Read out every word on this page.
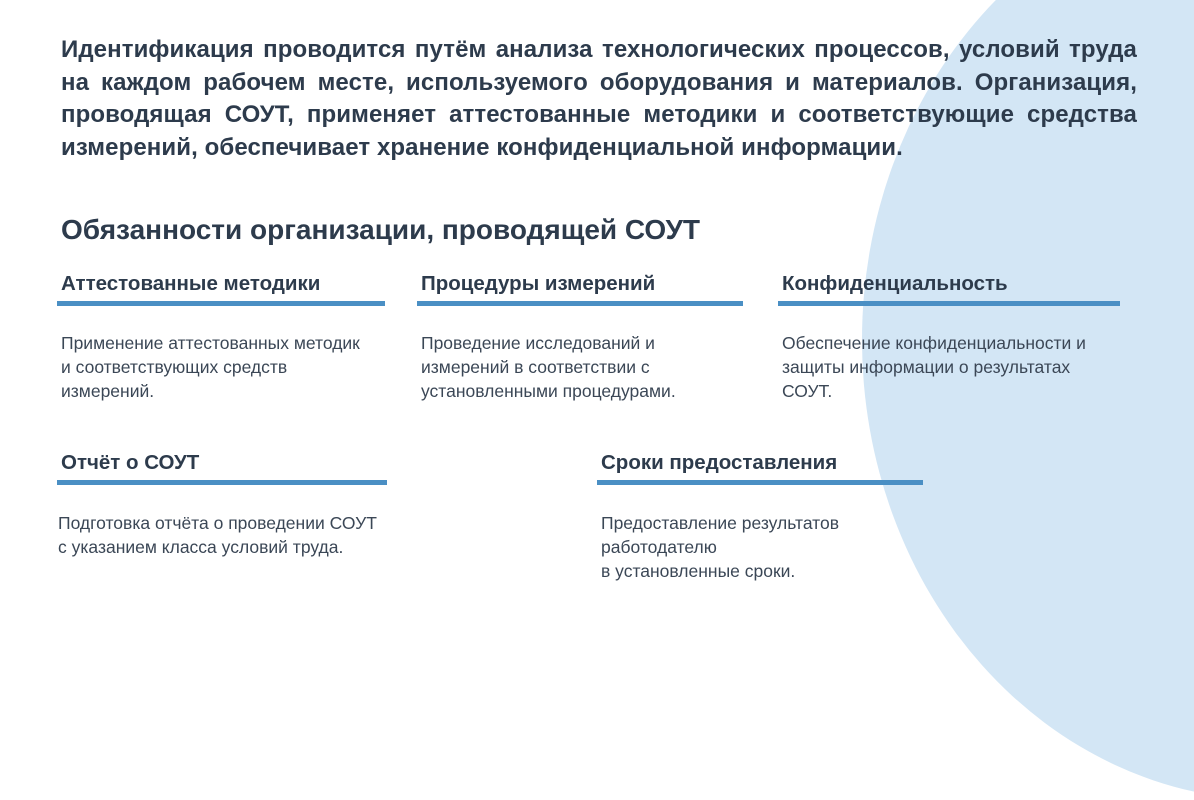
Идентификация проводится путём анализа технологических процессов, условий труда на каждом рабочем месте, используемого оборудования и материалов. Организация, проводящая СОУТ, применяет аттестованные методики и соответствующие средства измерений, обеспечивает хранение конфиденциальной информации.

Обязанности организации, проводящей СОУТ
Аттестованные методики

Применение аттестованных методик
и соответствующих средств
измерений.

Процедуры измерений

Проведение исследований и
измерений в соответствии с
установленными процедурами.

Конфиденциальность

Обеспечение конфиденциальности и
защиты информации о результатах
СОУТ.

Отчёт о СОУТ

Подготовка отчёта о проведении СОУТ
с указанием класса условий труда.

Сроки предоставления

Предоставление результатов работодателю
в установленные сроки.
